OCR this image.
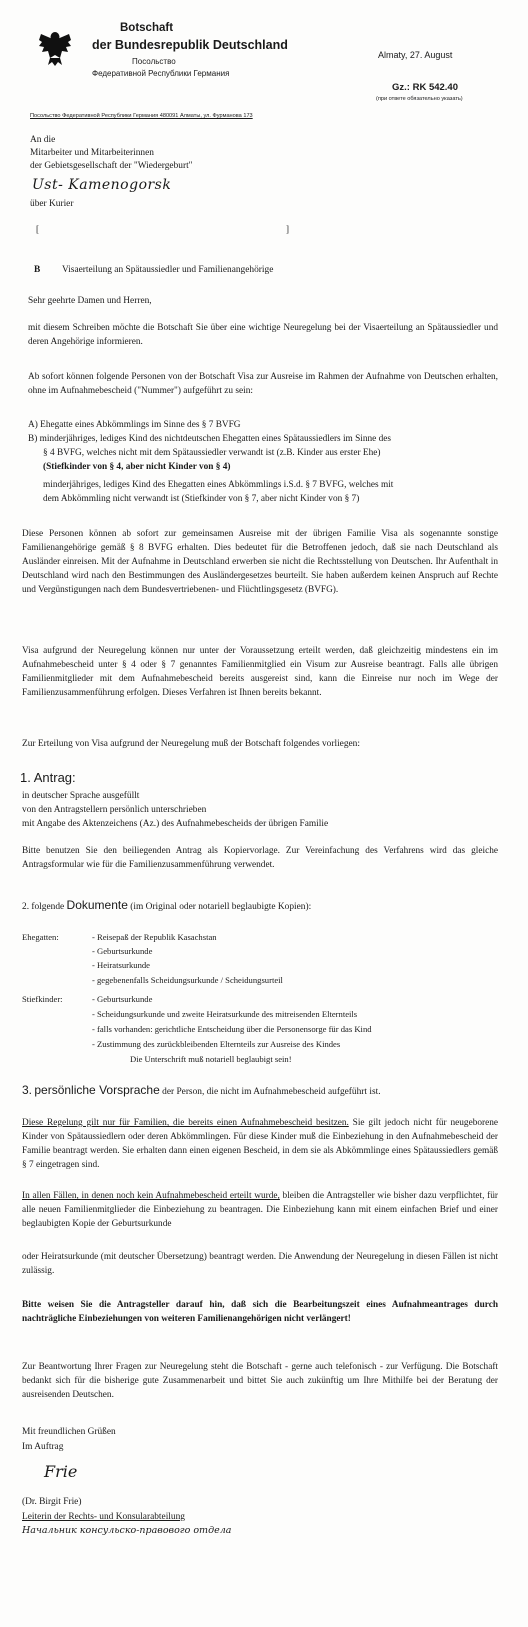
Botschaft
der Bundesrepublik Deutschland
Посольство
Федеративной Республики Германия
Almaty, 27. August
Gz.: RK 542.40
(при ответе обязательно указать)
Посольство Федеративной Республики Германия 480091 Алматы, ул. Фурманова 173
An die
Mitarbeiter und Mitarbeiterinnen
der Gebietsgesellschaft der "Wiedergeburt"
Ust- Kamenogorsk
über Kurier
[	]
B Visaerteilung an Spätaussiedler und Familienangehörige
Sehr geehrte Damen und Herren,
mit diesem Schreiben möchte die Botschaft Sie über eine wichtige Neuregelung bei der Visaerteilung an Spätaussiedler und deren Angehörige informieren.
Ab sofort können folgende Personen von der Botschaft Visa zur Ausreise im Rahmen der Aufnahme von Deutschen erhalten, ohne im Aufnahmebescheid ("Nummer") aufgeführt zu sein:
A) Ehegatte eines Abkömmlings im Sinne des § 7 BVFG
B) minderjähriges, lediges Kind des nichtdeutschen Ehegatten eines Spätaussiedlers im Sinne des
§ 4 BVFG, welches nicht mit dem Spätaussiedler verwandt ist (z.B. Kinder aus erster Ehe)
(Stiefkinder von § 4, aber nicht Kinder von § 4)
minderjähriges, lediges Kind des Ehegatten eines Abkömmlings i.S.d. § 7 BVFG, welches mit
dem Abkömmling nicht verwandt ist (Stiefkinder von § 7, aber nicht Kinder von § 7)
Diese Personen können ab sofort zur gemeinsamen Ausreise mit der übrigen Familie Visa als sogenannte sonstige Familienangehörige gemäß § 8 BVFG erhalten. Dies bedeutet für die Betroffenen jedoch, daß sie nach Deutschland als Ausländer einreisen. Mit der Aufnahme in Deutschland erwerben sie nicht die Rechtsstellung von Deutschen. Ihr Aufenthalt in Deutschland wird nach den Bestimmungen des Ausländergesetzes beurteilt. Sie haben außerdem keinen Anspruch auf Rechte und Vergünstigungen nach dem Bundesvertriebenen- und Flüchtlingsgesetz (BVFG).
Visa aufgrund der Neuregelung können nur unter der Voraussetzung erteilt werden, daß gleichzeitig mindestens ein im Aufnahmebescheid unter § 4 oder § 7 genanntes Familienmitglied ein Visum zur Ausreise beantragt. Falls alle übrigen Familienmitglieder mit dem Aufnahmebescheid bereits ausgereist sind, kann die Einreise nur noch im Wege der Familienzusammenführung erfolgen. Dieses Verfahren ist Ihnen bereits bekannt.
Zur Erteilung von Visa aufgrund der Neuregelung muß der Botschaft folgendes vorliegen:
1. Antrag:
in deutscher Sprache ausgefüllt
von den Antragstellern persönlich unterschrieben
mit Angabe des Aktenzeichens (Az.) des Aufnahmebescheids der übrigen Familie
Bitte benutzen Sie den beiliegenden Antrag als Kopiervorlage. Zur Vereinfachung des Verfahrens wird das gleiche Antragsformular wie für die Familienzusammenführung verwendet.
2. folgende Dokumente (im Original oder notariell beglaubigte Kopien):
Ehegatten:	- Reisepaß der Republik Kasachstan
- Geburtsurkunde
- Heiratsurkunde
- gegebenenfalls Scheidungsurkunde / Scheidungsurteil
Stiefkinder:	- Geburtsurkunde
- Scheidungsurkunde und zweite Heiratsurkunde des mitreisenden Elternteils
- falls vorhanden: gerichtliche Entscheidung über die Personensorge für das Kind
- Zustimmung des zurückbleibenden Elternteils zur Ausreise des Kindes
Die Unterschrift muß notariell beglaubigt sein!
3. persönliche Vorsprache der Person, die nicht im Aufnahmebescheid aufgeführt ist.
Diese Regelung gilt nur für Familien, die bereits einen Aufnahmebescheid besitzen. Sie gilt jedoch nicht für neugeborene Kinder von Spätaussiedlern oder deren Abkömmlingen. Für diese Kinder muß die Einbeziehung in den Aufnahmebescheid der Familie beantragt werden. Sie erhalten dann einen eigenen Bescheid, in dem sie als Abkömmlinge eines Spätaussiedlers gemäß § 7 eingetragen sind.
In allen Fällen, in denen noch kein Aufnahmebescheid erteilt wurde, bleiben die Antragsteller wie bisher dazu verpflichtet, für alle neuen Familienmitglieder die Einbeziehung zu beantragen. Die Einbeziehung kann mit einem einfachen Brief und einer beglaubigten Kopie der Geburtsurkunde
oder Heiratsurkunde (mit deutscher Übersetzung) beantragt werden. Die Anwendung der Neuregelung in diesen Fällen ist nicht zulässig.
Bitte weisen Sie die Antragsteller darauf hin, daß sich die Bearbeitungszeit eines Aufnahmeantrages durch nachträgliche Einbeziehungen von weiteren Familienangehörigen nicht verlängert!
Zur Beantwortung Ihrer Fragen zur Neuregelung steht die Botschaft - gerne auch telefonisch - zur Verfügung. Die Botschaft bedankt sich für die bisherige gute Zusammenarbeit und bittet Sie auch zukünftig um Ihre Mithilfe bei der Beratung der ausreisenden Deutschen.
Mit freundlichen Grüßen
Im Auftrag
Frie
(Dr. Birgit Frie)
Leiterin der Rechts- und Konsularabteilung
Начальник консульско-правового отдела
